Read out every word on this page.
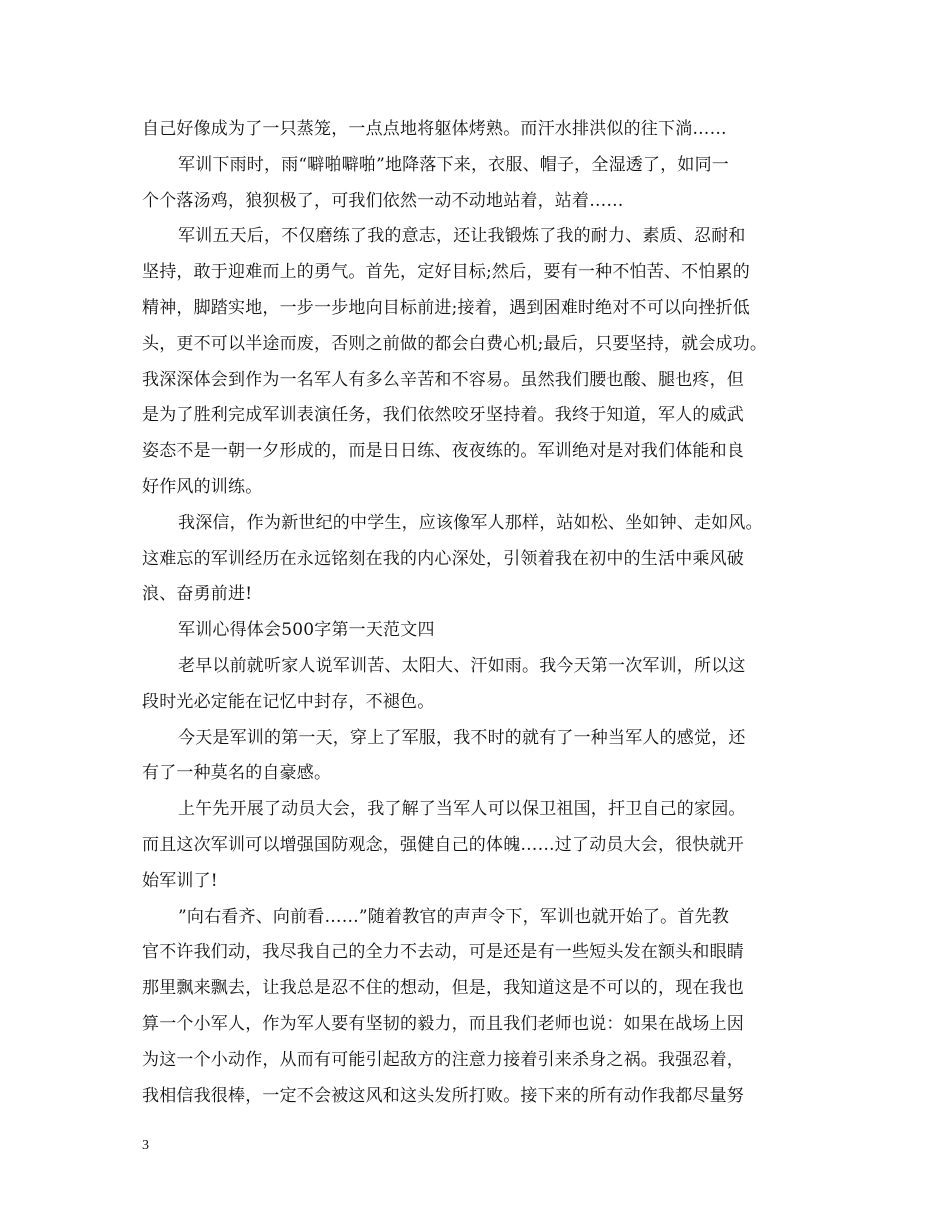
自己好像成为了一只蒸笼，一点点地将躯体烤熟。而汗水排洪似的往下淌……

军训下雨时，雨“噼啪噼啪”地降落下来，衣服、帽子，全湿透了，如同一

个个落汤鸡，狼狈极了，可我们依然一动不动地站着，站着……

军训五天后，不仅磨练了我的意志，还让我锻炼了我的耐力、素质、忍耐和

坚持，敢于迎难而上的勇气。首先，定好目标;然后，要有一种不怕苦、不怕累的

精神，脚踏实地，一步一步地向目标前进;接着，遇到困难时绝对不可以向挫折低

头，更不可以半途而废，否则之前做的都会白费心机;最后，只要坚持，就会成功。

我深深体会到作为一名军人有多么辛苦和不容易。虽然我们腰也酸、腿也疼，但

是为了胜利完成军训表演任务，我们依然咬牙坚持着。我终于知道，军人的威武

姿态不是一朝一夕形成的，而是日日练、夜夜练的。军训绝对是对我们体能和良

好作风的训练。

我深信，作为新世纪的中学生，应该像军人那样，站如松、坐如钟、走如风。

这难忘的军训经历在永远铭刻在我的内心深处，引领着我在初中的生活中乘风破

浪、奋勇前进!

军训心得体会500字第一天范文四

老早以前就听家人说军训苦、太阳大、汗如雨。我今天第一次军训，所以这

段时光必定能在记忆中封存，不褪色。

今天是军训的第一天，穿上了军服，我不时的就有了一种当军人的感觉，还

有了一种莫名的自豪感。

上午先开展了动员大会，我了解了当军人可以保卫祖国，扞卫自己的家园。

而且这次军训可以增强国防观念，强健自己的体魄……过了动员大会，很快就开

始军训了!

”向右看齐、向前看……”随着教官的声声令下，军训也就开始了。首先教

官不许我们动，我尽我自己的全力不去动，可是还是有一些短头发在额头和眼睛

那里飘来飘去，让我总是忍不住的想动，但是，我知道这是不可以的，现在我也

算一个小军人，作为军人要有坚韧的毅力，而且我们老师也说：如果在战场上因

为这一个小动作，从而有可能引起敌方的注意力接着引来杀身之祸。我强忍着，

我相信我很棒，一定不会被这风和这头发所打败。接下来的所有动作我都尽量努

3
